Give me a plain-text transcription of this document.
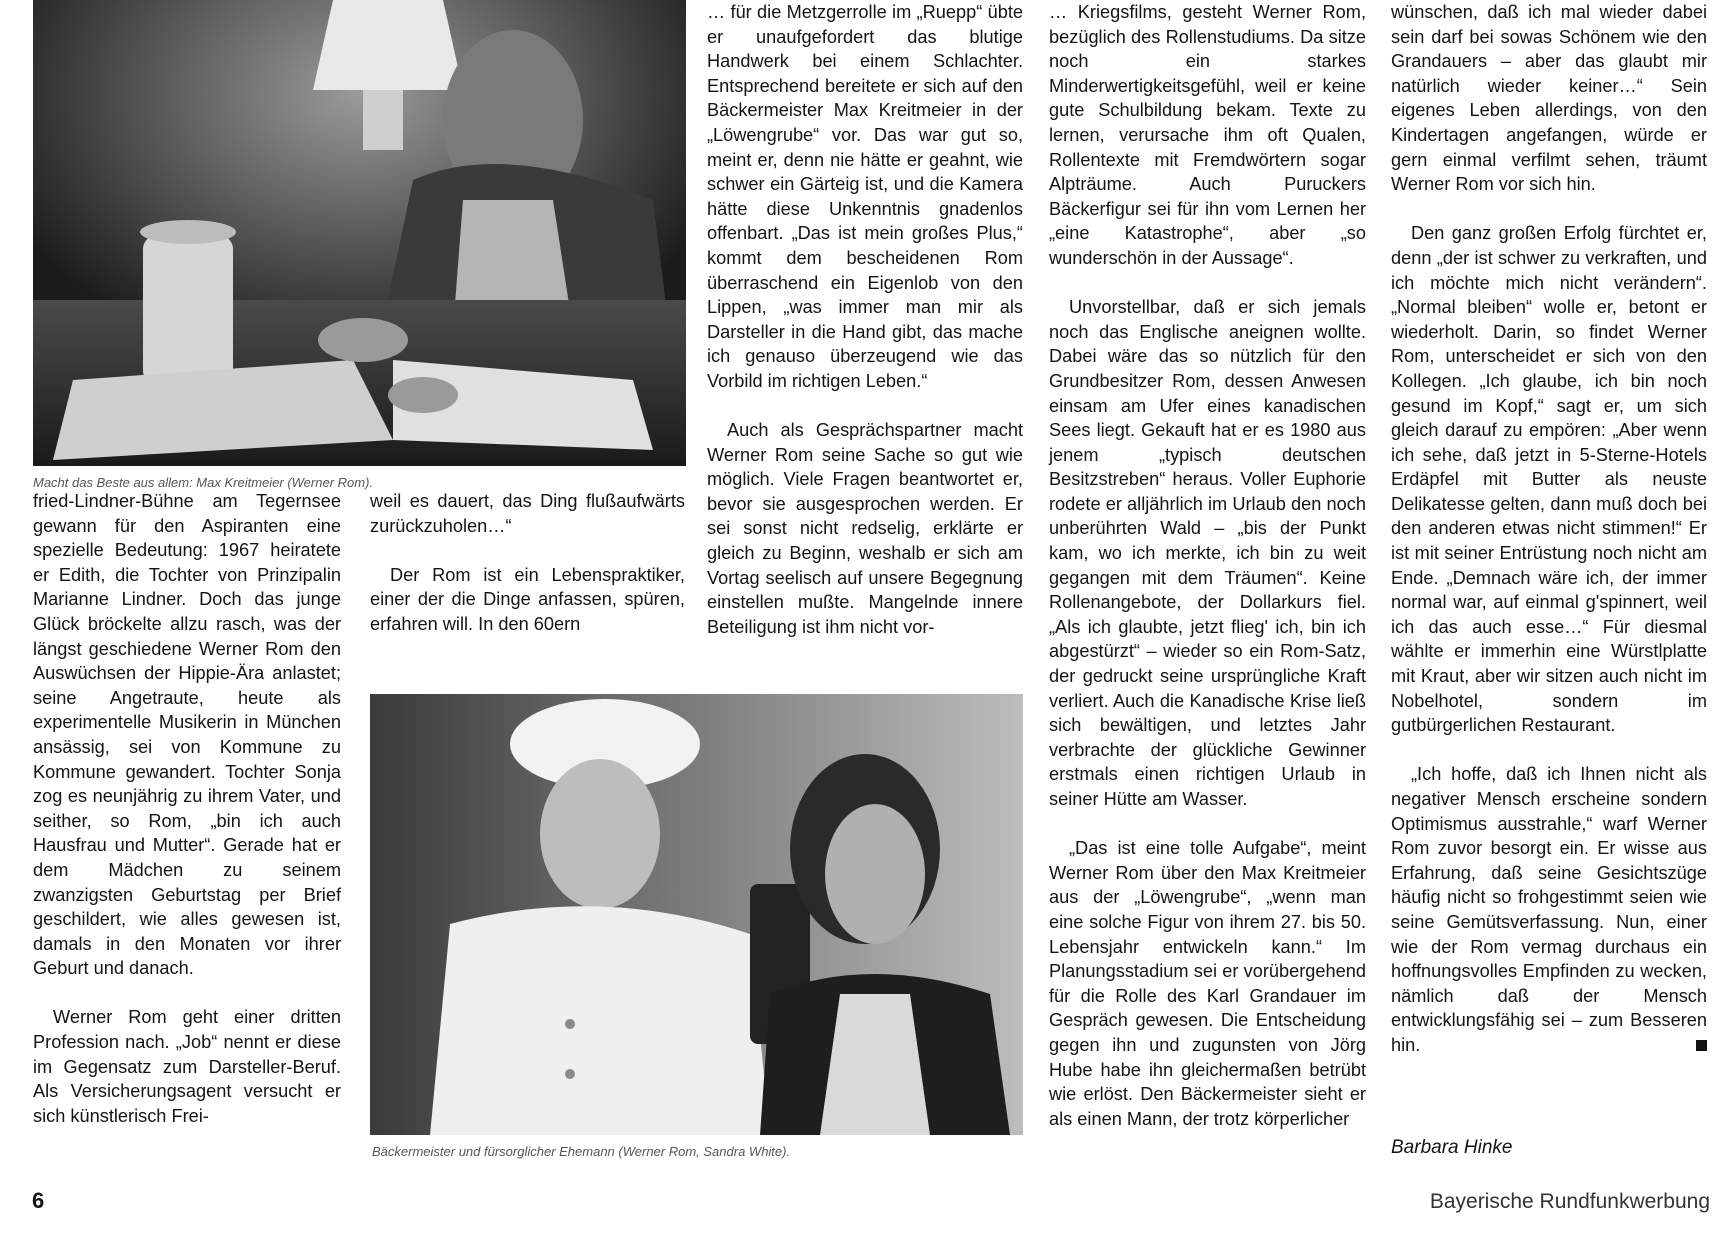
Macht das Beste aus allem: Max Kreitmeier (Werner Rom).

fried-Lindner-Bühne am Tegernsee gewann für den Aspiranten eine spezielle Bedeutung: 1967 heiratete er Edith, die Tochter von Prinzipalin Marianne Lindner. Doch das junge Glück bröckelte allzu rasch, was der längst geschiedene Werner Rom den Auswüchsen der Hippie-Ära anlastet; seine Angetraute, heute als experimentelle Musikerin in München ansässig, sei von Kommune zu Kommune gewandert. Tochter Sonja zog es neunjährig zu ihrem Vater, und seither, so Rom, „bin ich auch Hausfrau und Mutter“. Gerade hat er dem Mädchen zu seinem zwanzigsten Geburtstag per Brief geschildert, wie alles gewesen ist, damals in den Monaten vor ihrer Geburt und danach.

Werner Rom geht einer dritten Profession nach. „Job“ nennt er diese im Gegensatz zum Darsteller-Beruf. Als Versicherungsagent versucht er sich künstlerisch Frei-

weil es dauert, das Ding flußaufwärts zurückzuholen…“

Der Rom ist ein Lebenspraktiker, einer der die Dinge anfassen, spüren, erfahren will. In den 60ern

… für die Metzgerrolle im „Ruepp“ übte er unaufgefordert das blutige Handwerk bei einem Schlachter. Entsprechend bereitete er sich auf den Bäckermeister Max Kreitmeier in der „Löwengrube“ vor. Das war gut so, meint er, denn nie hätte er geahnt, wie schwer ein Gärteig ist, und die Kamera hätte diese Unkenntnis gnadenlos offenbart. „Das ist mein großes Plus,“ kommt dem bescheidenen Rom überraschend ein Eigenlob von den Lippen, „was immer man mir als Darsteller in die Hand gibt, das mache ich genauso überzeugend wie das Vorbild im richtigen Leben.“

Auch als Gesprächspartner macht Werner Rom seine Sache so gut wie möglich. Viele Fragen beantwortet er, bevor sie ausgesprochen werden. Er sei sonst nicht redselig, erklärte er gleich zu Beginn, weshalb er sich am Vortag seelisch auf unsere Begegnung einstellen mußte. Mangelnde innere Beteiligung ist ihm nicht vor-

Bäckermeister und fürsorglicher Ehemann (Werner Rom, Sandra White).

… Kriegsfilms, gesteht Werner Rom, bezüglich des Rollenstudiums. Da sitze noch ein starkes Minderwertigkeitsgefühl, weil er keine gute Schulbildung bekam. Texte zu lernen, verursache ihm oft Qualen, Rollentexte mit Fremdwörtern sogar Alpträume. Auch Puruckers Bäckerfigur sei für ihn vom Lernen her „eine Katastrophe“, aber „so wunderschön in der Aussage“.

Unvorstellbar, daß er sich jemals noch das Englische aneignen wollte. Dabei wäre das so nützlich für den Grundbesitzer Rom, dessen Anwesen einsam am Ufer eines kanadischen Sees liegt. Gekauft hat er es 1980 aus jenem „typisch deutschen Besitzstreben“ heraus. Voller Euphorie rodete er alljährlich im Urlaub den noch unberührten Wald – „bis der Punkt kam, wo ich merkte, ich bin zu weit gegangen mit dem Träumen“. Keine Rollenangebote, der Dollarkurs fiel. „Als ich glaubte, jetzt flieg' ich, bin ich abgestürzt“ – wieder so ein Rom-Satz, der gedruckt seine ursprüngliche Kraft verliert. Auch die Kanadische Krise ließ sich bewältigen, und letztes Jahr verbrachte der glückliche Gewinner erstmals einen richtigen Urlaub in seiner Hütte am Wasser.

„Das ist eine tolle Aufgabe“, meint Werner Rom über den Max Kreitmeier aus der „Löwengrube“, „wenn man eine solche Figur von ihrem 27. bis 50. Lebensjahr entwickeln kann.“ Im Planungsstadium sei er vorübergehend für die Rolle des Karl Grandauer im Gespräch gewesen. Die Entscheidung gegen ihn und zugunsten von Jörg Hube habe ihn gleichermaßen betrübt wie erlöst. Den Bäckermeister sieht er als einen Mann, der trotz körperlicher

wünschen, daß ich mal wieder dabei sein darf bei sowas Schönem wie den Grandauers – aber das glaubt mir natürlich wieder keiner…“ Sein eigenes Leben allerdings, von den Kindertagen angefangen, würde er gern einmal verfilmt sehen, träumt Werner Rom vor sich hin.

Den ganz großen Erfolg fürchtet er, denn „der ist schwer zu verkraften, und ich möchte mich nicht verändern“. „Normal bleiben“ wolle er, betont er wiederholt. Darin, so findet Werner Rom, unterscheidet er sich von den Kollegen. „Ich glaube, ich bin noch gesund im Kopf,“ sagt er, um sich gleich darauf zu empören: „Aber wenn ich sehe, daß jetzt in 5-Sterne-Hotels Erdäpfel mit Butter als neuste Delikatesse gelten, dann muß doch bei den anderen etwas nicht stimmen!“ Er ist mit seiner Entrüstung noch nicht am Ende. „Demnach wäre ich, der immer normal war, auf einmal g'spinnert, weil ich das auch esse…“ Für diesmal wählte er immerhin eine Würstlplatte mit Kraut, aber wir sitzen auch nicht im Nobelhotel, sondern im gutbürgerlichen Restaurant.

„Ich hoffe, daß ich Ihnen nicht als negativer Mensch erscheine sondern Optimismus ausstrahle,“ warf Werner Rom zuvor besorgt ein. Er wisse aus Erfahrung, daß seine Gesichtszüge häufig nicht so frohgestimmt seien wie seine Gemütsverfassung. Nun, einer wie der Rom vermag durchaus ein hoffnungsvolles Empfinden zu wecken, nämlich daß der Mensch entwicklungsfähig sei – zum Besseren hin.

Barbara Hinke
6	Bayerische Rundfunkwerbung
